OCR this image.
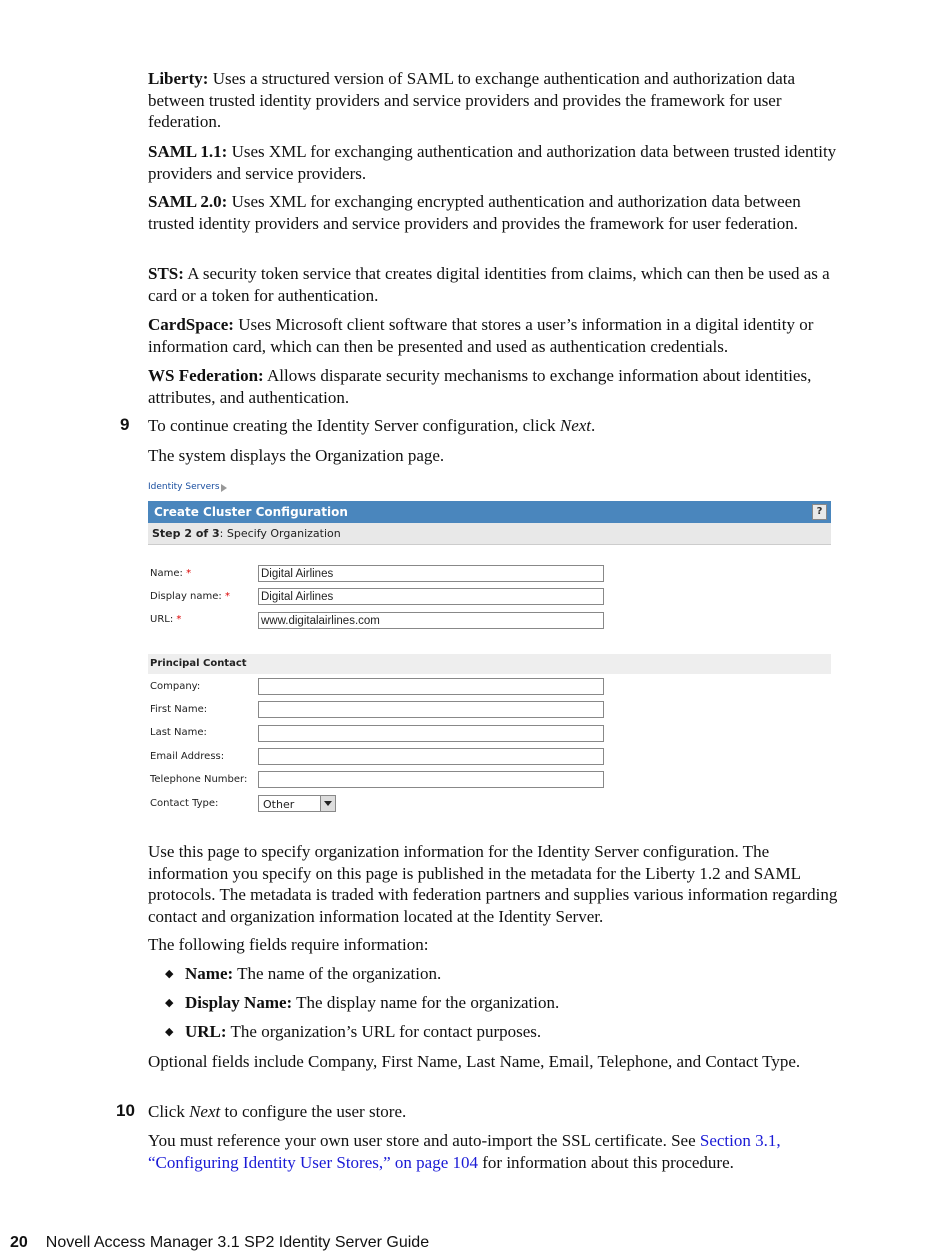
Liberty: Uses a structured version of SAML to exchange authentication and authorization data between trusted identity providers and service providers and provides the framework for user federation.
SAML 1.1: Uses XML for exchanging authentication and authorization data between trusted identity providers and service providers.
SAML 2.0: Uses XML for exchanging encrypted authentication and authorization data between trusted identity providers and service providers and provides the framework for user federation.
STS: A security token service that creates digital identities from claims, which can then be used as a card or a token for authentication.
CardSpace: Uses Microsoft client software that stores a user’s information in a digital identity or information card, which can then be presented and used as authentication credentials.
WS Federation: Allows disparate security mechanisms to exchange information about identities, attributes, and authentication.
9 To continue creating the Identity Server configuration, click Next.
The system displays the Organization page.
Identity Servers
Create Cluster Configuration	?
Step 2 of 3: Specify Organization
Name: *	Digital Airlines
Display name: *	Digital Airlines
URL: *	www.digitalairlines.com
Principal Contact
Company:
First Name:
Last Name:
Email Address:
Telephone Number:
Contact Type:	Other
Use this page to specify organization information for the Identity Server configuration. The information you specify on this page is published in the metadata for the Liberty 1.2 and SAML protocols. The metadata is traded with federation partners and supplies various information regarding contact and organization information located at the Identity Server.
The following fields require information:
◆ Name: The name of the organization.
◆ Display Name: The display name for the organization.
◆ URL: The organization’s URL for contact purposes.
Optional fields include Company, First Name, Last Name, Email, Telephone, and Contact Type.
10 Click Next to configure the user store.
You must reference your own user store and auto-import the SSL certificate. See Section 3.1, “Configuring Identity User Stores,” on page 104 for information about this procedure.
20 Novell Access Manager 3.1 SP2 Identity Server Guide
